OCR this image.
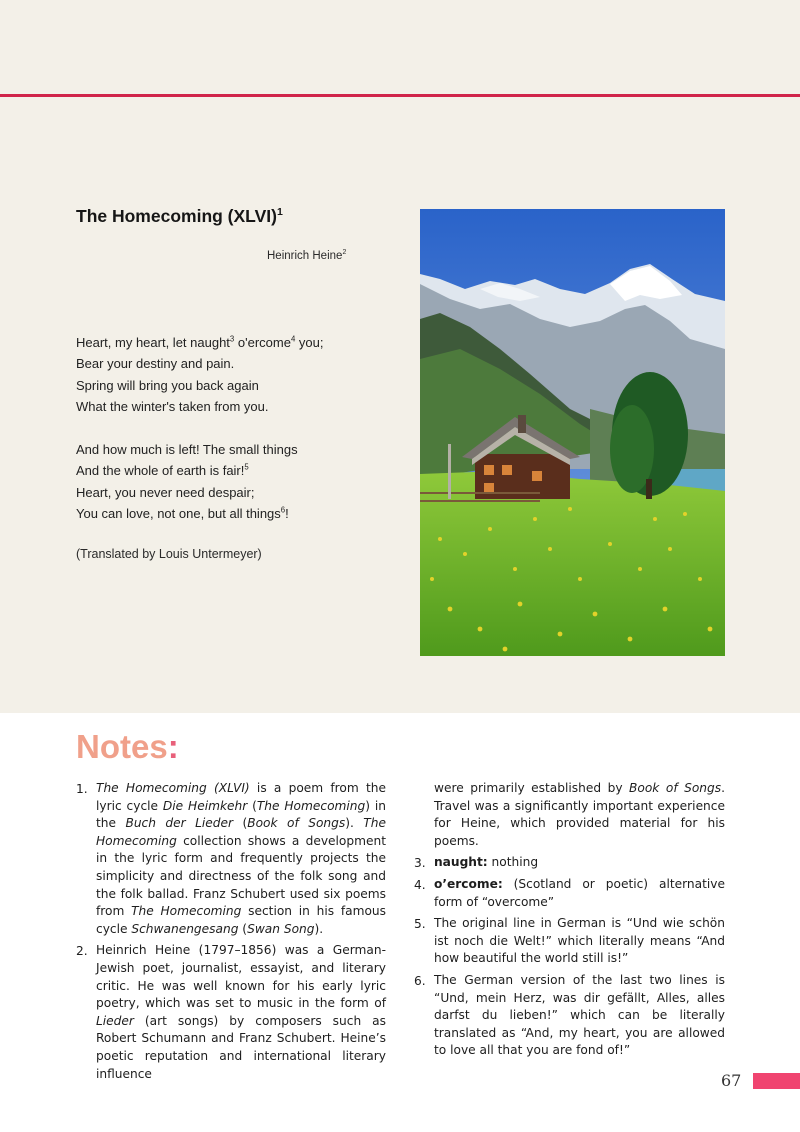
The Homecoming (XLVI)$^1$
Heinrich Heine$^2$
Heart, my heart, let naught$^3$ o'ercome$^4$ you;
Bear your destiny and pain.
Spring will bring you back again
What the winter's taken from you.
And how much is left! The small things
And the whole of earth is fair!$^5$
Heart, you never need despair;
You can love, not one, but all things$^6$!
(Translated by Louis Untermeyer)
Notes:
1. The Homecoming (XLVI) is a poem from the lyric cycle Die Heimkehr (The Homecoming) in the Buch der Lieder (Book of Songs). The Homecoming collection shows a development in the lyric form and frequently projects the simplicity and directness of the folk song and the folk ballad. Franz Schubert used six poems from The Homecoming section in his famous cycle Schwanengesang (Swan Song).
2. Heinrich Heine (1797–1856) was a German-Jewish poet, journalist, essayist, and literary critic. He was well known for his early lyric poetry, which was set to music in the form of Lieder (art songs) by composers such as Robert Schumann and Franz Schubert. Heine’s poetic reputation and international literary influence
were primarily established by Book of Songs. Travel was a significantly important experience for Heine, which provided material for his poems.
3. naught: nothing
4. o’ercome: (Scotland or poetic) alternative form of “overcome”
5. The original line in German is “Und wie schön ist noch die Welt!” which literally means “And how beautiful the world still is!”
6. The German version of the last two lines is “Und, mein Herz, was dir gefällt, Alles, alles darfst du lieben!” which can be literally translated as “And, my heart, you are allowed to love all that you are fond of!”
67
